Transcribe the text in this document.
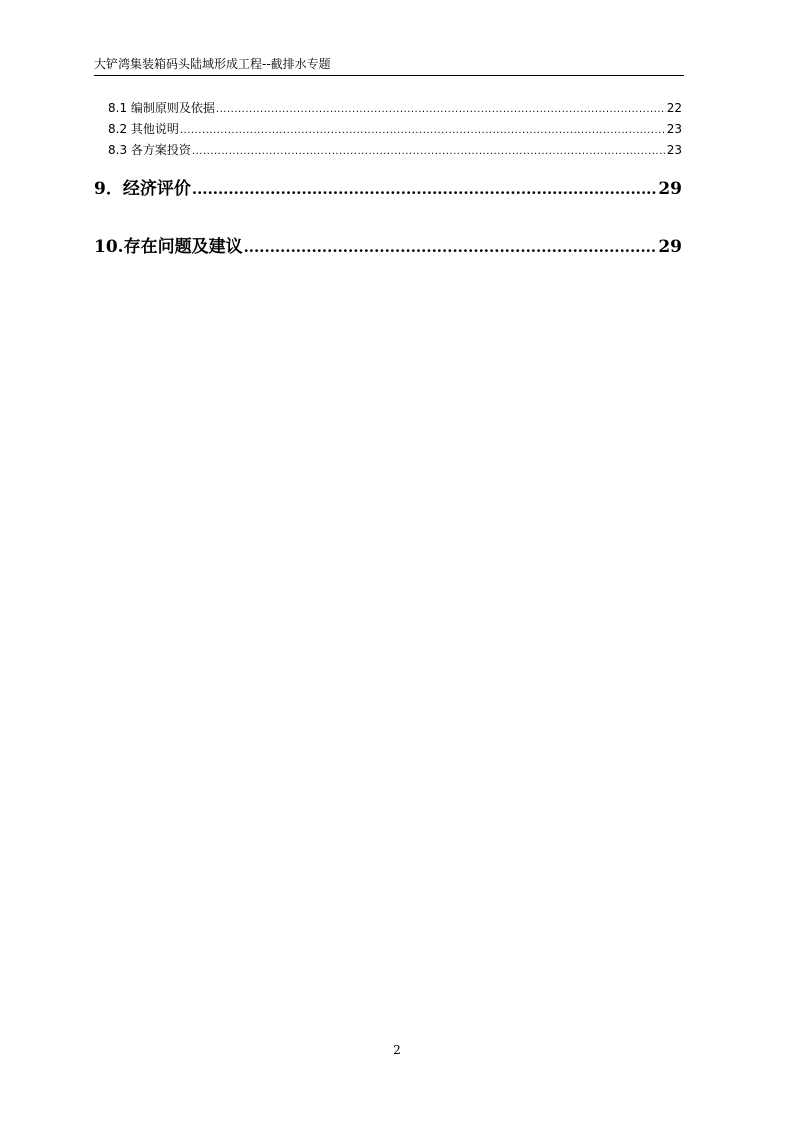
大铲湾集装箱码头陆域形成工程--截排水专题
8.1 编制原则及依据 .....	22
8.2 其他说明 .....	23
8.3 各方案投资 .....	23
9．经济评价 .....	29
10.存在问题及建议 .....	29
2
